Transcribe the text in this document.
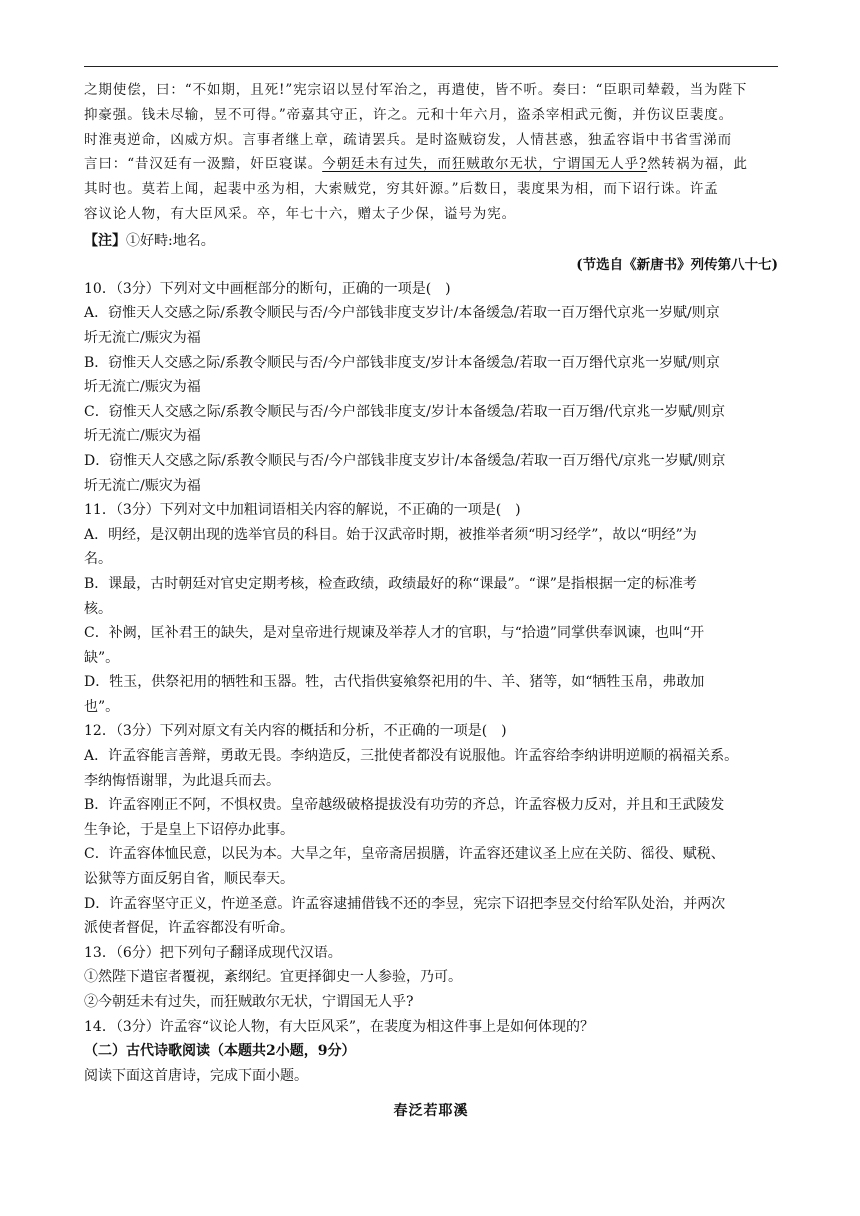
之期使偿，曰：“不如期，且死!”宪宗诏以昱付军治之，再遣使，皆不听。奏曰：“臣职司辇毂，当为陛下
抑豪强。钱未尽输，昱不可得。”帝嘉其守正，许之。元和十年六月，盗杀宰相武元衡，并伤议臣裴度。
时淮夷逆命，凶威方炽。言事者继上章，疏请罢兵。是时盗贼窃发，人情甚惑，独孟容诣中书省雪涕而
言曰：“昔汉廷有一汲黯，奸臣寝谋。今朝廷未有过失，而狂贼敢尔无状，宁谓国无人乎?然转祸为福，此
其时也。莫若上闻，起裴中丞为相，大索贼党，穷其奸源。”后数日，裴度果为相，而下诏行诛。许孟
容议论人物，有大臣风采。卒，年七十六，赠太子少保，谥号为宪。
【注】①好畤:地名。
(节选自《新唐书》列传第八十七)

10．（3分）下列对文中画框部分的断句，正确的一项是(　)

A．窃惟天人交感之际/系教令顺民与否/今户部钱非度支岁计/本备缓急/若取一百万缗代京兆一岁赋/则京

圻无流亡/赈灾为福

B．窃惟天人交感之际/系教令顺民与否/今户部钱非度支/岁计本备缓急/若取一百万缗代京兆一岁赋/则京

圻无流亡/赈灾为福

C．窃惟天人交感之际/系教令顺民与否/今户部钱非度支/岁计本备缓急/若取一百万缗/代京兆一岁赋/则京

圻无流亡/赈灾为福

D．窃惟天人交感之际/系教令顺民与否/今户部钱非度支岁计/本备缓急/若取一百万缗代/京兆一岁赋/则京

圻无流亡/赈灾为福

11．（3分）下列对文中加粗词语相关内容的解说，不正确的一项是(　)

A．明经，是汉朝出现的选举官员的科目。始于汉武帝时期，被推举者须“明习经学”，故以“明经”为

名。

B．课最，古时朝廷对官史定期考核，检查政绩，政绩最好的称“课最”。“课”是指根据一定的标准考

核。

C．补阙，匡补君王的缺失，是对皇帝进行规谏及举荐人才的官职，与“拾遗”同掌供奉讽谏，也叫“开

缺”。

D．牲玉，供祭祀用的牺牲和玉器。牲，古代指供宴飨祭祀用的牛、羊、猪等，如“牺牲玉帛，弗敢加

也”。

12．（3分）下列对原文有关内容的概括和分析，不正确的一项是(　)

A．许孟容能言善辩，勇敢无畏。李纳造反，三批使者都没有说服他。许孟容给李纳讲明逆顺的祸福关系。

李纳悔悟谢罪，为此退兵而去。

B．许孟容刚正不阿，不惧权贵。皇帝越级破格提拔没有功劳的齐总，许孟容极力反对，并且和王武陵发

生争论，于是皇上下诏停办此事。

C．许孟容体恤民意，以民为本。大旱之年，皇帝斋居损膳，许孟容还建议圣上应在关防、徭役、赋税、

讼狱等方面反躬自省，顺民奉天。

D．许孟容坚守正义，忤逆圣意。许孟容逮捕借钱不还的李昱，宪宗下诏把李昱交付给军队处治，并两次

派使者督促，许孟容都没有听命。

13．（6分）把下列句子翻译成现代汉语。

①然陛下遣宦者覆视，紊纲纪。宜更择御史一人参验，乃可。

②今朝廷未有过失，而狂贼敢尔无状，宁谓国无人乎?

14．（3分）许孟容“议论人物，有大臣风采”，在裴度为相这件事上是如何体现的？

（二）古代诗歌阅读（本题共2小题，9分）

阅读下面这首唐诗，完成下面小题。

春泛若耶溪
